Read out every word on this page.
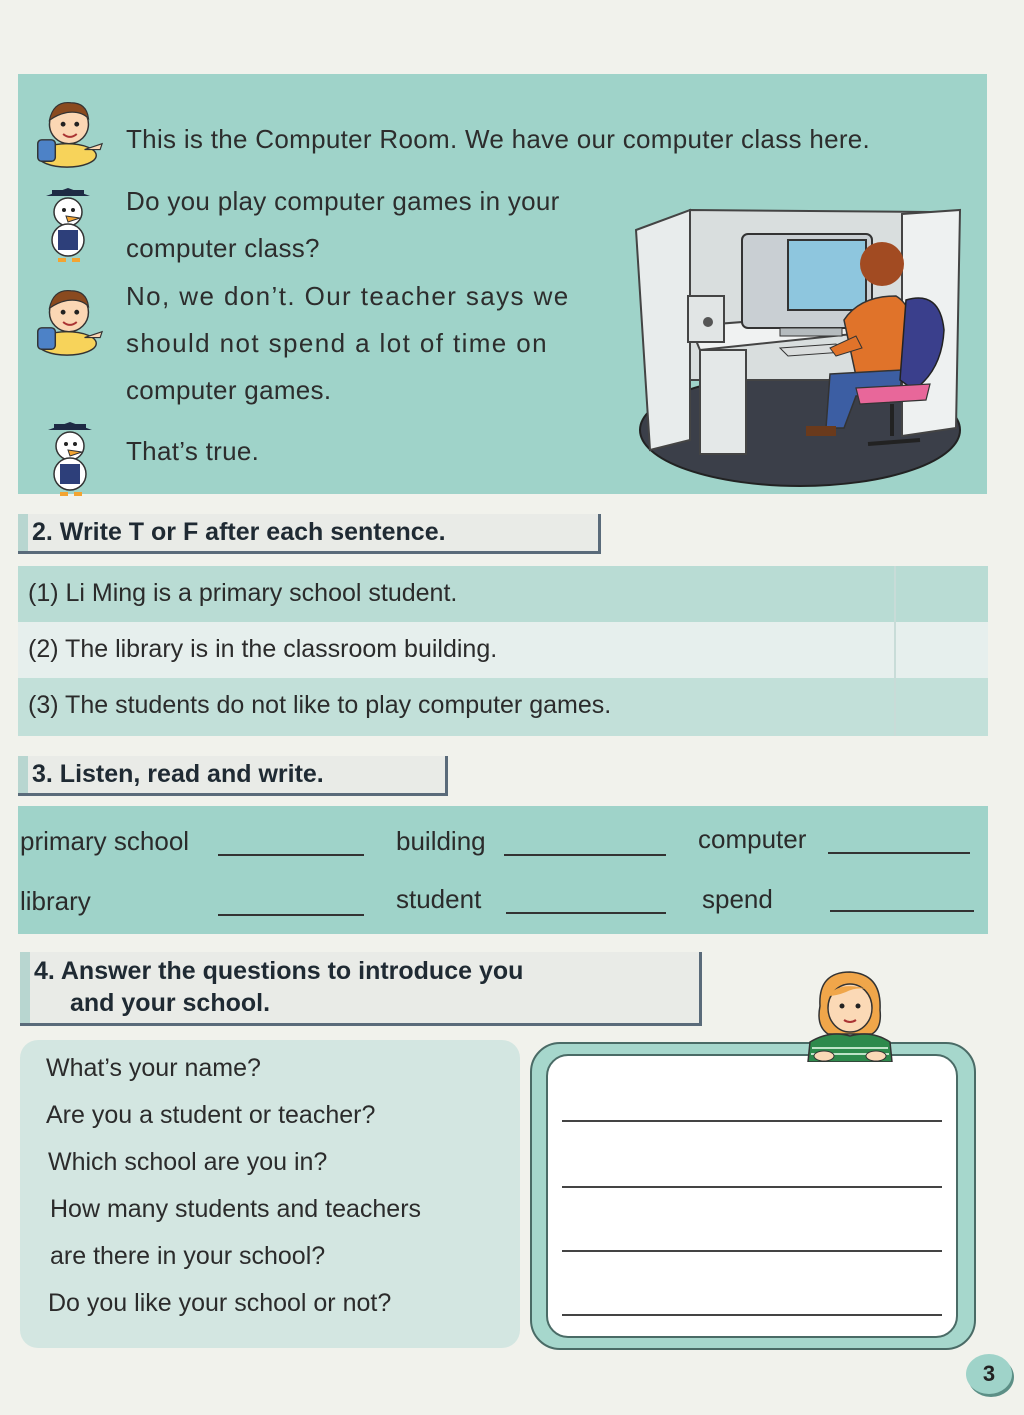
This is the Computer Room. We have our computer class here.
Do you play computer games in your
computer class?
No, we don’t. Our teacher says we
should not spend a lot of time on
computer games.
That’s true.
2. Write T or F after each sentence.
(1) Li Ming is a primary school student.
(2) The library is in the classroom building.
(3) The students do not like to play computer games.
3. Listen, read and write.
primary school	building	computer
library	student	spend
4. Answer the questions to introduce you
and your school.
What’s your name?
Are you a student or teacher?
Which school are you in?
How many students and teachers
are there in your school?
Do you like your school or not?
3
